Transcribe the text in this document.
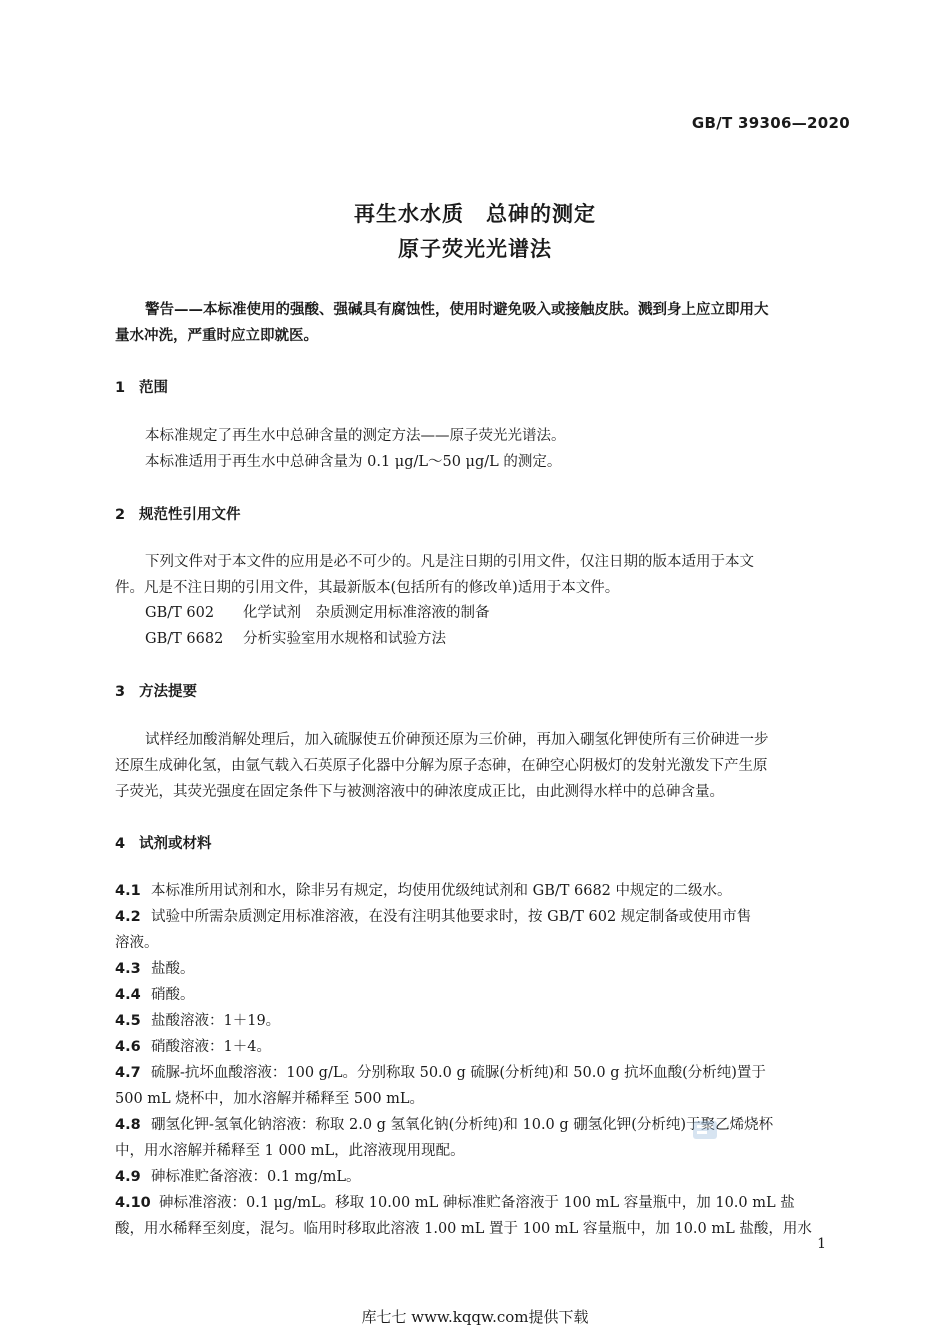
GB/T 39306—2020
再生水水质 总砷的测定
原子荧光光谱法
警告——本标准使用的强酸、强碱具有腐蚀性，使用时避免吸入或接触皮肤。溅到身上应立即用大
量水冲洗，严重时应立即就医。
1 范围
本标准规定了再生水中总砷含量的测定方法——原子荧光光谱法。
本标准适用于再生水中总砷含量为 0.1 μg/L～50 μg/L 的测定。
2 规范性引用文件
下列文件对于本文件的应用是必不可少的。凡是注日期的引用文件，仅注日期的版本适用于本文
件。凡是不注日期的引用文件，其最新版本(包括所有的修改单)适用于本文件。
GB/T 602 化学试剂　杂质测定用标准溶液的制备
GB/T 6682 分析实验室用水规格和试验方法
3 方法提要
试样经加酸消解处理后，加入硫脲使五价砷预还原为三价砷，再加入硼氢化钾使所有三价砷进一步
还原生成砷化氢，由氩气载入石英原子化器中分解为原子态砷，在砷空心阴极灯的发射光激发下产生原
子荧光，其荧光强度在固定条件下与被测溶液中的砷浓度成正比，由此测得水样中的总砷含量。
4 试剂或材料
4.1 本标准所用试剂和水，除非另有规定，均使用优级纯试剂和 GB/T 6682 中规定的二级水。
4.2 试验中所需杂质测定用标准溶液，在没有注明其他要求时，按 GB/T 602 规定制备或使用市售
溶液。
4.3 盐酸。
4.4 硝酸。
4.5 盐酸溶液：1＋19。
4.6 硝酸溶液：1＋4。
4.7 硫脲-抗坏血酸溶液：100 g/L。分别称取 50.0 g 硫脲(分析纯)和 50.0 g 抗坏血酸(分析纯)置于
500 mL 烧杯中，加水溶解并稀释至 500 mL。
4.8 硼氢化钾-氢氧化钠溶液：称取 2.0 g 氢氧化钠(分析纯)和 10.0 g 硼氢化钾(分析纯)于聚乙烯烧杯
中，用水溶解并稀释至 1 000 mL，此溶液现用现配。
4.9 砷标准贮备溶液：0.1 mg/mL。
4.10 砷标准溶液：0.1 μg/mL。移取 10.00 mL 砷标准贮备溶液于 100 mL 容量瓶中，加 10.0 mL 盐
酸，用水稀释至刻度，混匀。临用时移取此溶液 1.00 mL 置于 100 mL 容量瓶中，加 10.0 mL 盐酸，用水
1
库七七 www.kqqw.com提供下载
